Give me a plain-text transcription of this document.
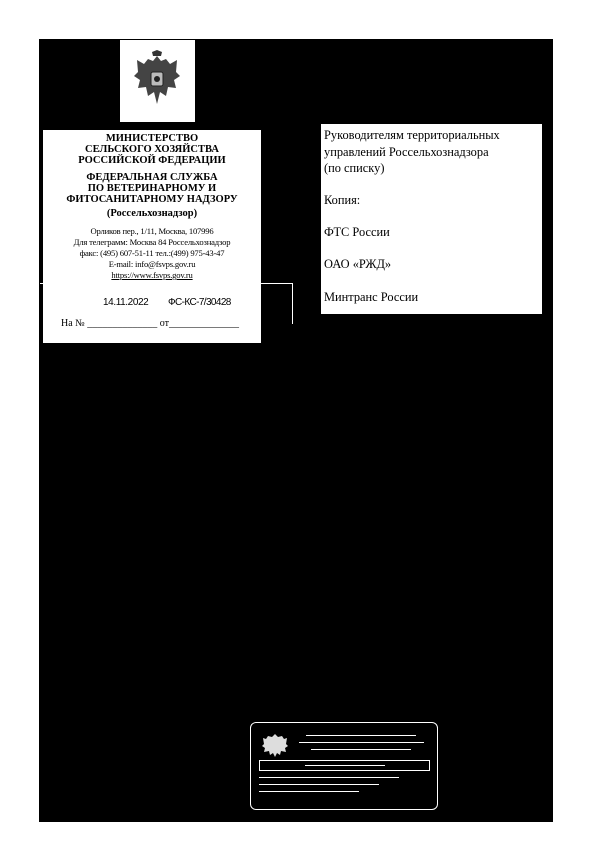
МИНИСТЕРСТВО
СЕЛЬСКОГО ХОЗЯЙСТВА
РОССИЙСКОЙ ФЕДЕРАЦИИ
ФЕДЕРАЛЬНАЯ СЛУЖБА
ПО ВЕТЕРИНАРНОМУ И
ФИТОСАНИТАРНОМУ НАДЗОРУ
(Россельхознадзор)
Орликов пер., 1/11, Москва, 107996
Для телеграмм: Москва 84 Россельхознадзор
факс: (495) 607-51-11 тел.:(499) 975-43-47
E-mail: info@fsvps.gov.ru
https://www.fsvps.gov.ru
14.11.2022 ФС-КС-7/30428
На № ______________ от______________
Руководителям территориальных
управлений Россельхознадзора
(по списку)
Копия:
ФТС России
ОАО «РЖД»
Минтранс России
